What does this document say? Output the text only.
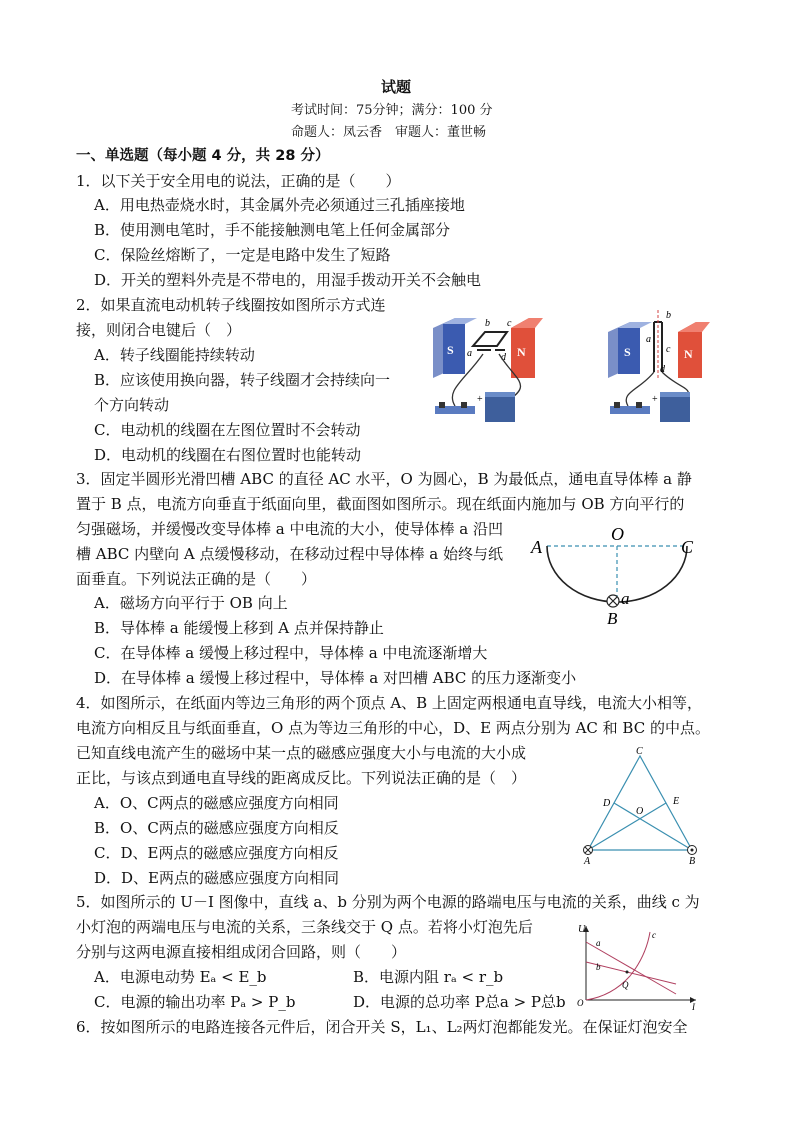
试题
考试时间：75分钟；满分：100 分
命题人：凤云香　审题人：董世畅
一、单选题（每小题 4 分，共 28 分）
1．以下关于安全用电的说法，正确的是（　　）
A．用电热壶烧水时，其金属外壳必须通过三孔插座接地
B．使用测电笔时，手不能接触测电笔上任何金属部分
C．保险丝熔断了，一定是电路中发生了短路
D．开关的塑料外壳是不带电的，用湿手拨动开关不会触电
2．如果直流电动机转子线圈按如图所示方式连
接，则闭合电键后（　）
A．转子线圈能持续转动
B．应该使用换向器，转子线圈才会持续向一
个方向转动
C．电动机的线圈在左图位置时不会转动
D．电动机的线圈在右图位置时也能转动
S	N
b c
a	d
+
S	N
a
b
c
d
+
3．固定半圆形光滑凹槽 ABC 的直径 AC 水平，O 为圆心，B 为最低点，通电直导体棒 a 静
置于 B 点，电流方向垂直于纸面向里，截面图如图所示。现在纸面内施加与 OB 方向平行的
匀强磁场，并缓慢改变导体棒 a 中电流的大小，使导体棒 a 沿凹
槽 ABC 内壁向 A 点缓慢移动，在移动过程中导体棒 a 始终与纸
面垂直。下列说法正确的是（　　）
A．磁场方向平行于 OB 向上
B．导体棒 a 能缓慢上移到 A 点并保持静止
C．在导体棒 a 缓慢上移过程中，导体棒 a 中电流逐渐增大
D．在导体棒 a 缓慢上移过程中，导体棒 a 对凹槽 ABC 的压力逐渐变小
A
O
C
a
B
4．如图所示，在纸面内等边三角形的两个顶点 A、B 上固定两根通电直导线，电流大小相等，
电流方向相反且与纸面垂直，O 点为等边三角形的中心，D、E 两点分别为 AC 和 BC 的中点。
已知直线电流产生的磁场中某一点的磁感应强度大小与电流的大小成
正比，与该点到通电直导线的距离成反比。下列说法正确的是（　）
A．O、C两点的磁感应强度方向相同
B．O、C两点的磁感应强度方向相反
C．D、E两点的磁感应强度方向相反
D．D、E两点的磁感应强度方向相同
C
D
O
E
A	B
5．如图所示的 U－I 图像中，直线 a、b 分别为两个电源的路端电压与电流的关系，曲线 c 为
小灯泡的两端电压与电流的关系，三条线交于 Q 点。若将小灯泡先后
分别与这两电源直接相组成闭合回路，则（　　）
A．电源电动势 Eₐ < E_b	B．电源内阻 rₐ < r_b
C．电源的输出功率 Pₐ > P_b	D．电源的总功率 P总a > P总b
U
a
b
c
Q
O	I
6．按如图所示的电路连接各元件后，闭合开关 S，L₁、L₂两灯泡都能发光。在保证灯泡安全
